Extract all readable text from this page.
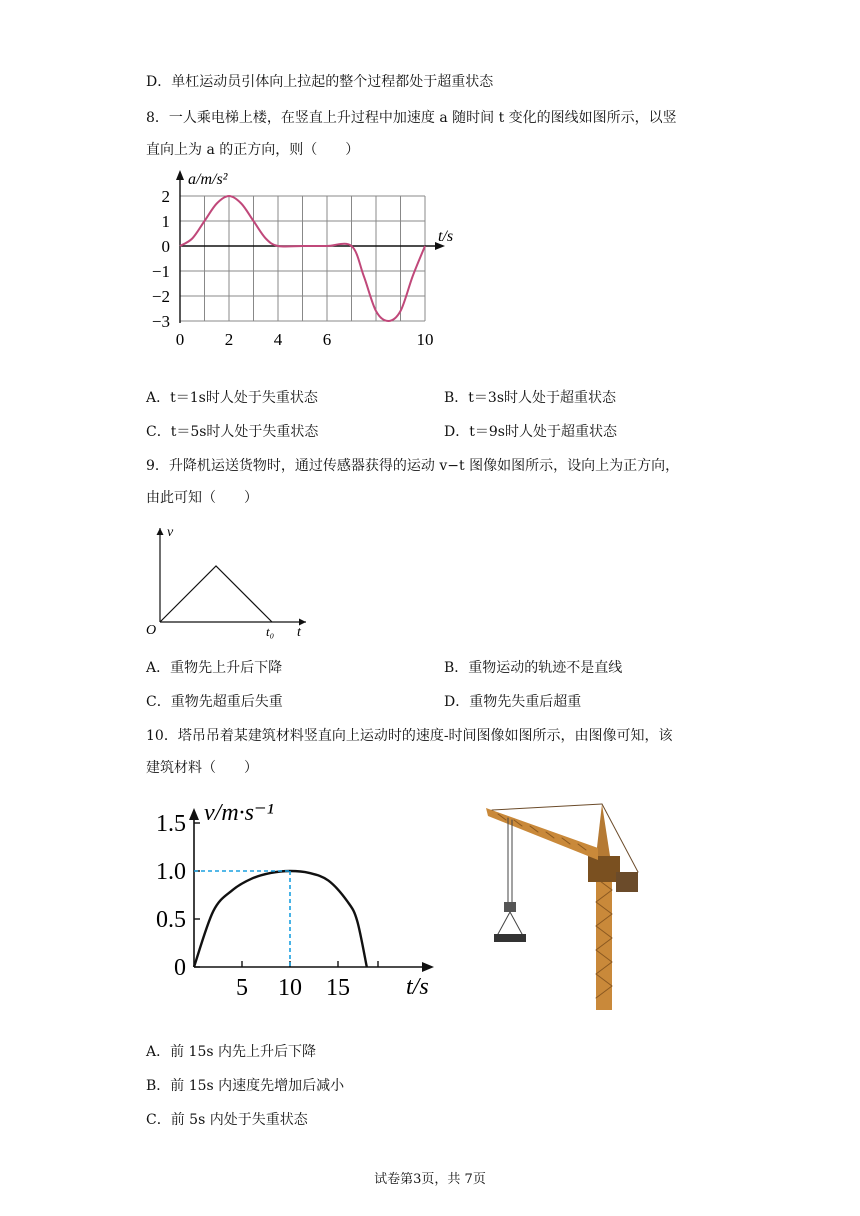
D．单杠运动员引体向上拉起的整个过程都处于超重状态
8．一人乘电梯上楼，在竖直上升过程中加速度 a 随时间 t 变化的图线如图所示，以竖
直向上为 a 的正方向，则（　　）
2
1
0
−1
−2
−3
0 2 4 6	10
a/m/s²
t/s
A．t＝1s时人处于失重状态	B．t＝3s时人处于超重状态
C．t＝5s时人处于失重状态	D．t＝9s时人处于超重状态
9．升降机运送货物时，通过传感器获得的运动 v−t 图像如图所示，设向上为正方向，
由此可知（　　）
v
t
O	t₀
A．重物先上升后下降	B．重物运动的轨迹不是直线
C．重物先超重后失重	D．重物先失重后超重
10．塔吊吊着某建筑材料竖直向上运动时的速度-时间图像如图所示，由图像可知，该
建筑材料（　　）
0
0.5
1.0
1.5
5 10 15
v/m·s⁻¹
t/s
A．前 15s 内先上升后下降
B．前 15s 内速度先增加后减小
C．前 5s 内处于失重状态
试卷第3页，共 7页
